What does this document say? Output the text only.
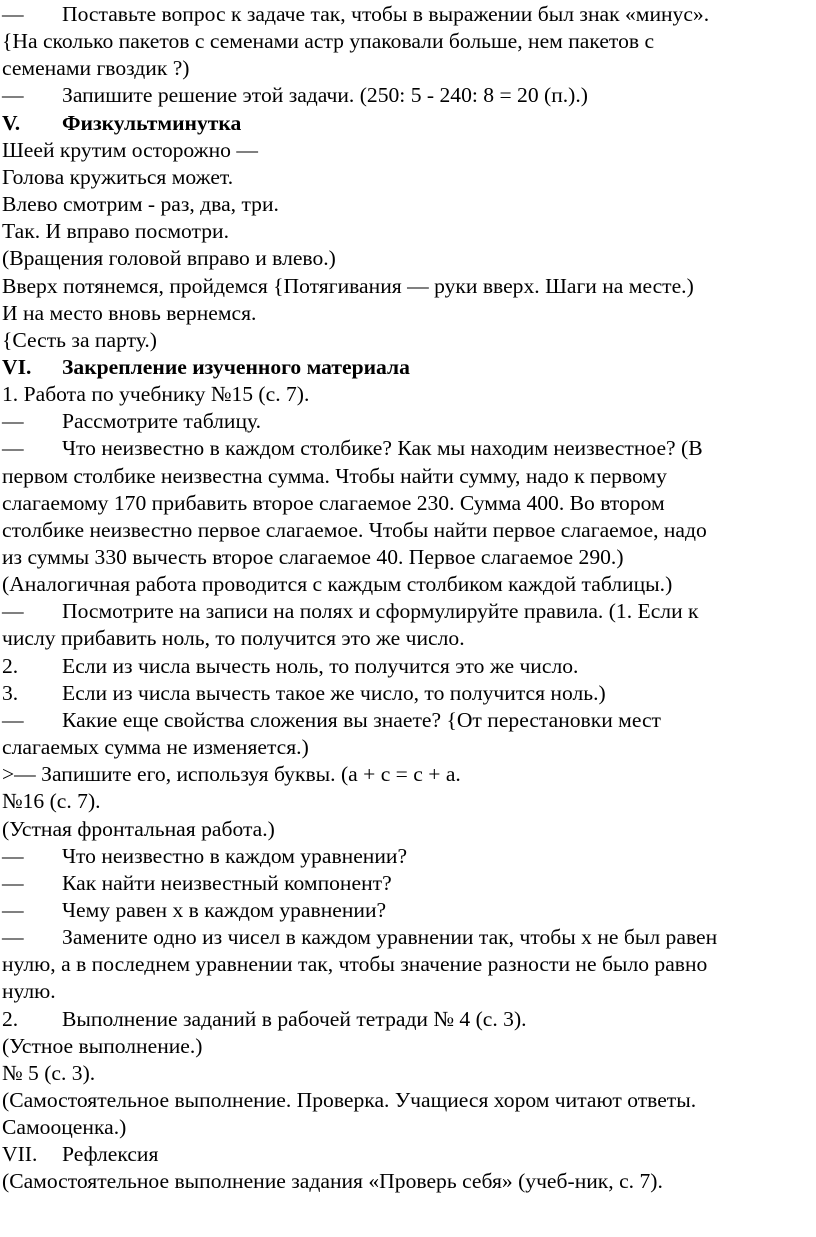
— Поставьте вопрос к задаче так, чтобы в выражении был знак «минус».
{На сколько пакетов с семенами астр упаковали больше, нем пакетов с
семенами гвоздик ?)
— Запишите решение этой задачи. (250: 5 - 240: 8 = 20 (п.).)
V. Физкультминутка
Шеей крутим осторожно —
Голова кружиться может.
Влево смотрим - раз, два, три.
Так. И вправо посмотри.
(Вращения головой вправо и влево.)
Вверх потянемся, пройдемся {Потягивания — руки вверх. Шаги на месте.)
И на место вновь вернемся.
{Сесть за парту.)
VI. Закрепление изученного материала
1. Работа по учебнику №15 (с. 7).
— Рассмотрите таблицу.
— Что неизвестно в каждом столбике? Как мы находим неизвестное? (В
первом столбике неизвестна сумма. Чтобы найти сумму, надо к первому
слагаемому 170 прибавить второе слагаемое 230. Сумма 400. Во втором
столбике неизвестно первое слагаемое. Чтобы найти первое слагаемое, надо
из суммы 330 вычесть второе слагаемое 40. Первое слагаемое 290.)
(Аналогичная работа проводится с каждым столбиком каждой таблицы.)
— Посмотрите на записи на полях и сформулируйте правила. (1. Если к
числу прибавить ноль, то получится это же число.
2. Если из числа вычесть ноль, то получится это же число.
3. Если из числа вычесть такое же число, то получится ноль.)
— Какие еще свойства сложения вы знаете? {От перестановки мест
слагаемых сумма не изменяется.)
>— Запишите его, используя буквы. (а + с = с + а.
№16 (с. 7).
(Устная фронтальная работа.)
— Что неизвестно в каждом уравнении?
— Как найти неизвестный компонент?
— Чему равен х в каждом уравнении?
— Замените одно из чисел в каждом уравнении так, чтобы х не был равен
нулю, а в последнем уравнении так, чтобы значение разности не было равно
нулю.
2. Выполнение заданий в рабочей тетради № 4 (с. 3).
(Устное выполнение.)
№ 5 (с. 3).
(Самостоятельное выполнение. Проверка. Учащиеся хором читают ответы.
Самооценка.)
VII. Рефлексия
(Самостоятельное выполнение задания «Проверь себя» (учеб-ник, с. 7).
